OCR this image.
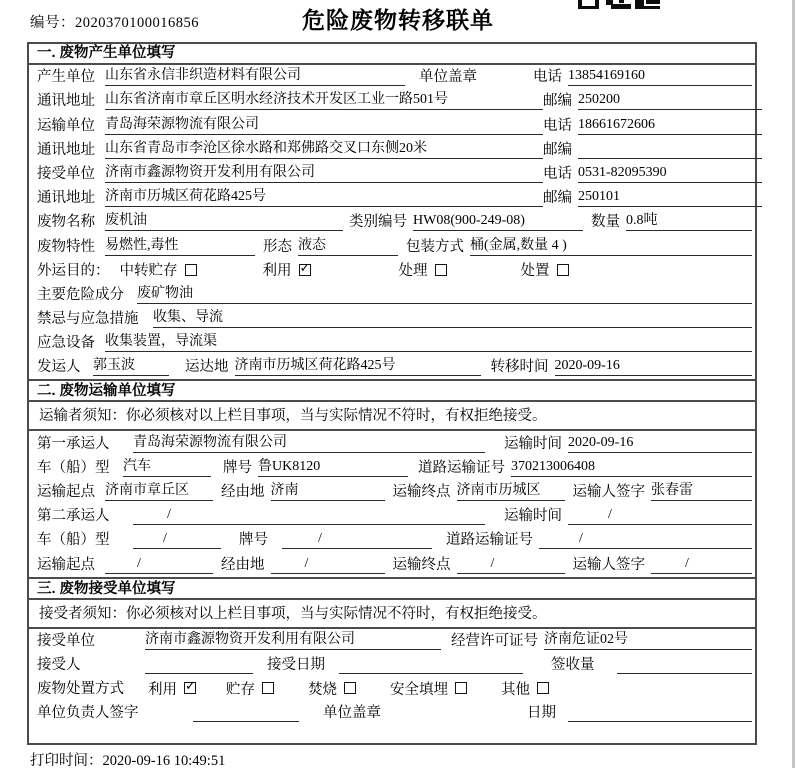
编号：2020370100016856	危险废物转移联单
一. 废物产生单位填写
产生单位 山东省永信非织造材料有限公司	单位盖章	电话 13854169160
通讯地址 山东省济南市章丘区明水经济技术开发区工业一路501号	邮编 250200
运输单位 青岛海荣源物流有限公司	电话 18661672606
通讯地址 山东省青岛市李沧区徐水路和郑佛路交叉口东侧20米	邮编
接受单位 济南市鑫源物资开发利用有限公司	电话 0531-82095390
通讯地址 济南市历城区荷花路425号	邮编 250101
废物名称 废机油	类别编号 HW08(900-249-08)	数量 0.8吨
废物特性 易燃性,毒性	形态 液态	包装方式 桶(金属,数量 4 )
外运目的： 中转贮存	利用 ✓	处理	处置
主要危险成分 废矿物油
禁忌与应急措施	收集、导流
应急设备 收集装置，导流渠
发运人 郭玉波	运达地 济南市历城区荷花路425号	转移时间 2020-09-16
二. 废物运输单位填写
运输者须知：你必须核对以上栏目事项，当与实际情况不符时，有权拒绝接受。
第一承运人	青岛海荣源物流有限公司	运输时间 2020-09-16
车（船）型 汽车	牌号 鲁UK8120	道路运输证号 370213006408
运输起点 济南市章丘区	经由地 济南	运输终点 济南市历城区	运输人签字 张春雷
第二承运人	/	运输时间	/
车（船）型	/	牌号	/	道路运输证号	/
运输起点	/	经由地	/	运输终点	/	运输人签字	/
三. 废物接受单位填写
接受者须知：你必须核对以上栏目事项，当与实际情况不符时，有权拒绝接受。
接受单位	济南市鑫源物资开发利用有限公司	经营许可证号 济南危证02号
接受人	接受日期	签收量
废物处置方式 利用 ✓	贮存	焚烧	安全填埋	其他
单位负责人签字	单位盖章	日期
打印时间：2020-09-16 10:49:51
